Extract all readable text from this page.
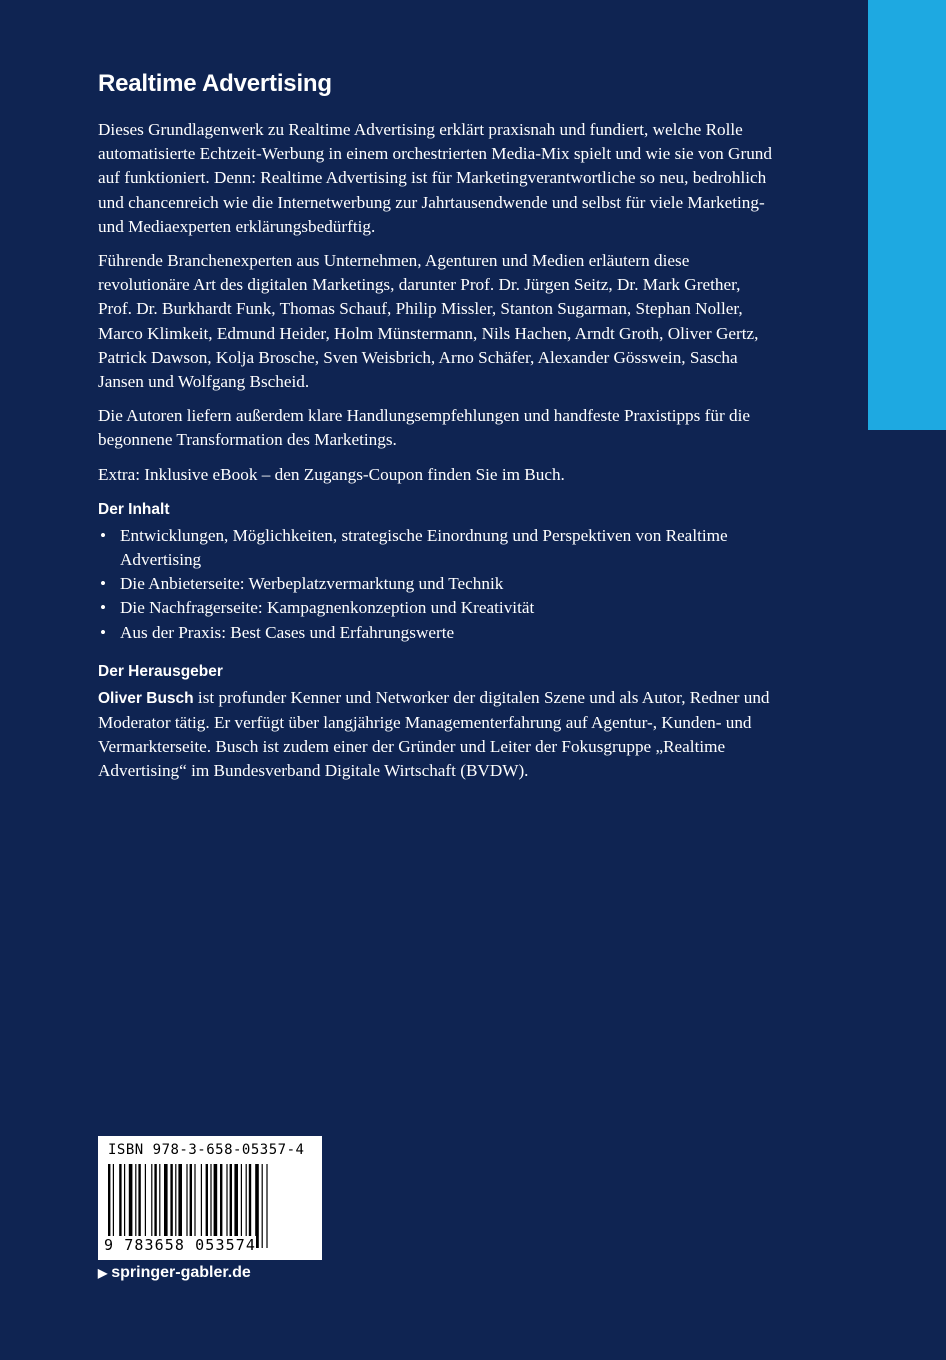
Realtime Advertising

Dieses Grundlagenwerk zu Realtime Advertising erklärt praxisnah und fundiert, welche Rolle automatisierte Echtzeit-Werbung in einem orchestrierten Media-Mix spielt und wie sie von Grund auf funktioniert. Denn: Realtime Advertising ist für Marketingverantwortliche so neu, bedrohlich und chancenreich wie die Internetwerbung zur Jahrtausendwende und selbst für viele Marketing- und Mediaexperten erklärungsbedürftig.

Führende Branchenexperten aus Unternehmen, Agenturen und Medien erläutern diese revolutionäre Art des digitalen Marketings, darunter Prof. Dr. Jürgen Seitz, Dr. Mark Grether, Prof. Dr. Burkhardt Funk, Thomas Schauf, Philip Missler, Stanton Sugarman, Stephan Noller, Marco Klimkeit, Edmund Heider, Holm Münstermann, Nils Hachen, Arndt Groth, Oliver Gertz, Patrick Dawson, Kolja Brosche, Sven Weisbrich, Arno Schäfer, Alexander Gösswein, Sascha Jansen und Wolfgang Bscheid.

Die Autoren liefern außerdem klare Handlungsempfehlungen und handfeste Praxistipps für die begonnene Transformation des Marketings.

Extra: Inklusive eBook – den Zugangs-Coupon finden Sie im Buch.

Der Inhalt
• Entwicklungen, Möglichkeiten, strategische Einordnung und Perspektiven von Realtime Advertising
• Die Anbieterseite: Werbeplatzvermarktung und Technik
• Die Nachfragerseite: Kampagnenkonzeption und Kreativität
• Aus der Praxis: Best Cases und Erfahrungswerte
Der Herausgeber

Oliver Busch ist profunder Kenner und Networker der digitalen Szene und als Autor, Redner und Moderator tätig. Er verfügt über langjährige Managementerfahrung auf Agentur-, Kunden- und Vermarkterseite. Busch ist zudem einer der Gründer und Leiter der Fokusgruppe „Realtime Advertising“ im Bundesverband Digitale Wirtschaft (BVDW).

ISBN 978-3-658-05357-4
9 783658 053574
▶ springer-gabler.de
